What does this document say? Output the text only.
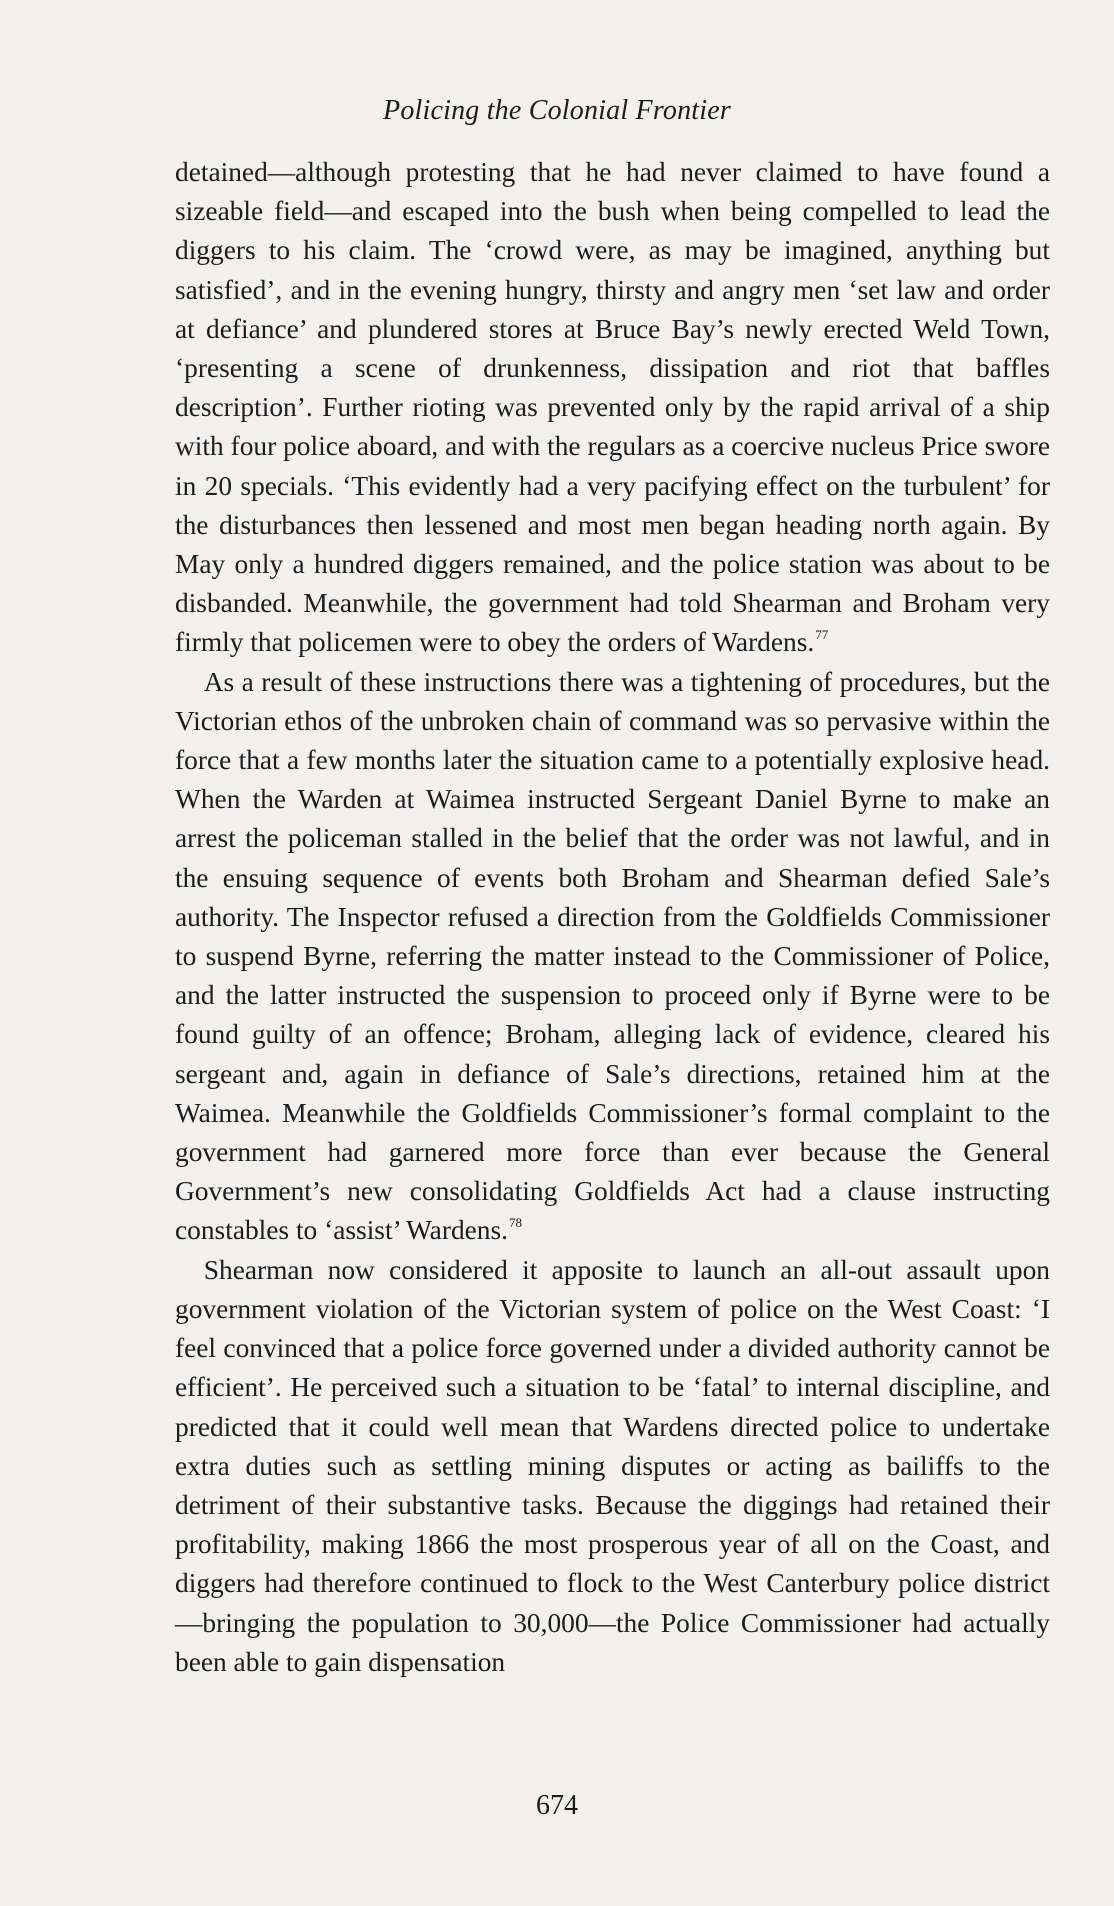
Policing the Colonial Frontier

detained—although protesting that he had never claimed to have found a sizeable field—and escaped into the bush when being compelled to lead the diggers to his claim. The ‘crowd were, as may be imagined, anything but satisfied’, and in the evening hungry, thirsty and angry men ‘set law and order at defiance’ and plundered stores at Bruce Bay’s newly erected Weld Town, ‘presenting a scene of drunkenness, dissipation and riot that baffles description’. Further rioting was prevented only by the rapid arrival of a ship with four police aboard, and with the regulars as a coercive nucleus Price swore in 20 specials. ‘This evidently had a very pacifying effect on the turbulent’ for the disturbances then lessened and most men began heading north again. By May only a hundred diggers remained, and the police station was about to be disbanded. Meanwhile, the government had told Shearman and Broham very firmly that policemen were to obey the orders of Wardens.$^{77}$

As a result of these instructions there was a tightening of procedures, but the Victorian ethos of the unbroken chain of command was so pervasive within the force that a few months later the situation came to a potentially explosive head. When the Warden at Waimea instructed Sergeant Daniel Byrne to make an arrest the policeman stalled in the belief that the order was not lawful, and in the ensuing sequence of events both Broham and Shearman defied Sale’s authority. The Inspector refused a direction from the Goldfields Commissioner to suspend Byrne, referring the matter instead to the Commissioner of Police, and the latter instructed the suspension to proceed only if Byrne were to be found guilty of an offence; Broham, alleging lack of evidence, cleared his sergeant and, again in defiance of Sale’s directions, retained him at the Waimea. Meanwhile the Goldfields Commissioner’s formal complaint to the government had garnered more force than ever because the General Government’s new consolidating Goldfields Act had a clause instructing constables to ‘assist’ Wardens.$^{78}$

Shearman now considered it apposite to launch an all-out assault upon government violation of the Victorian system of police on the West Coast: ‘I feel convinced that a police force governed under a divided authority cannot be efficient’. He perceived such a situation to be ‘fatal’ to internal discipline, and predicted that it could well mean that Wardens directed police to undertake extra duties such as settling mining disputes or acting as bailiffs to the detriment of their substantive tasks. Because the diggings had retained their profitability, making 1866 the most prosperous year of all on the Coast, and diggers had therefore continued to flock to the West Canterbury police district—bringing the population to 30,000—the Police Commissioner had actually been able to gain dispensation

674
